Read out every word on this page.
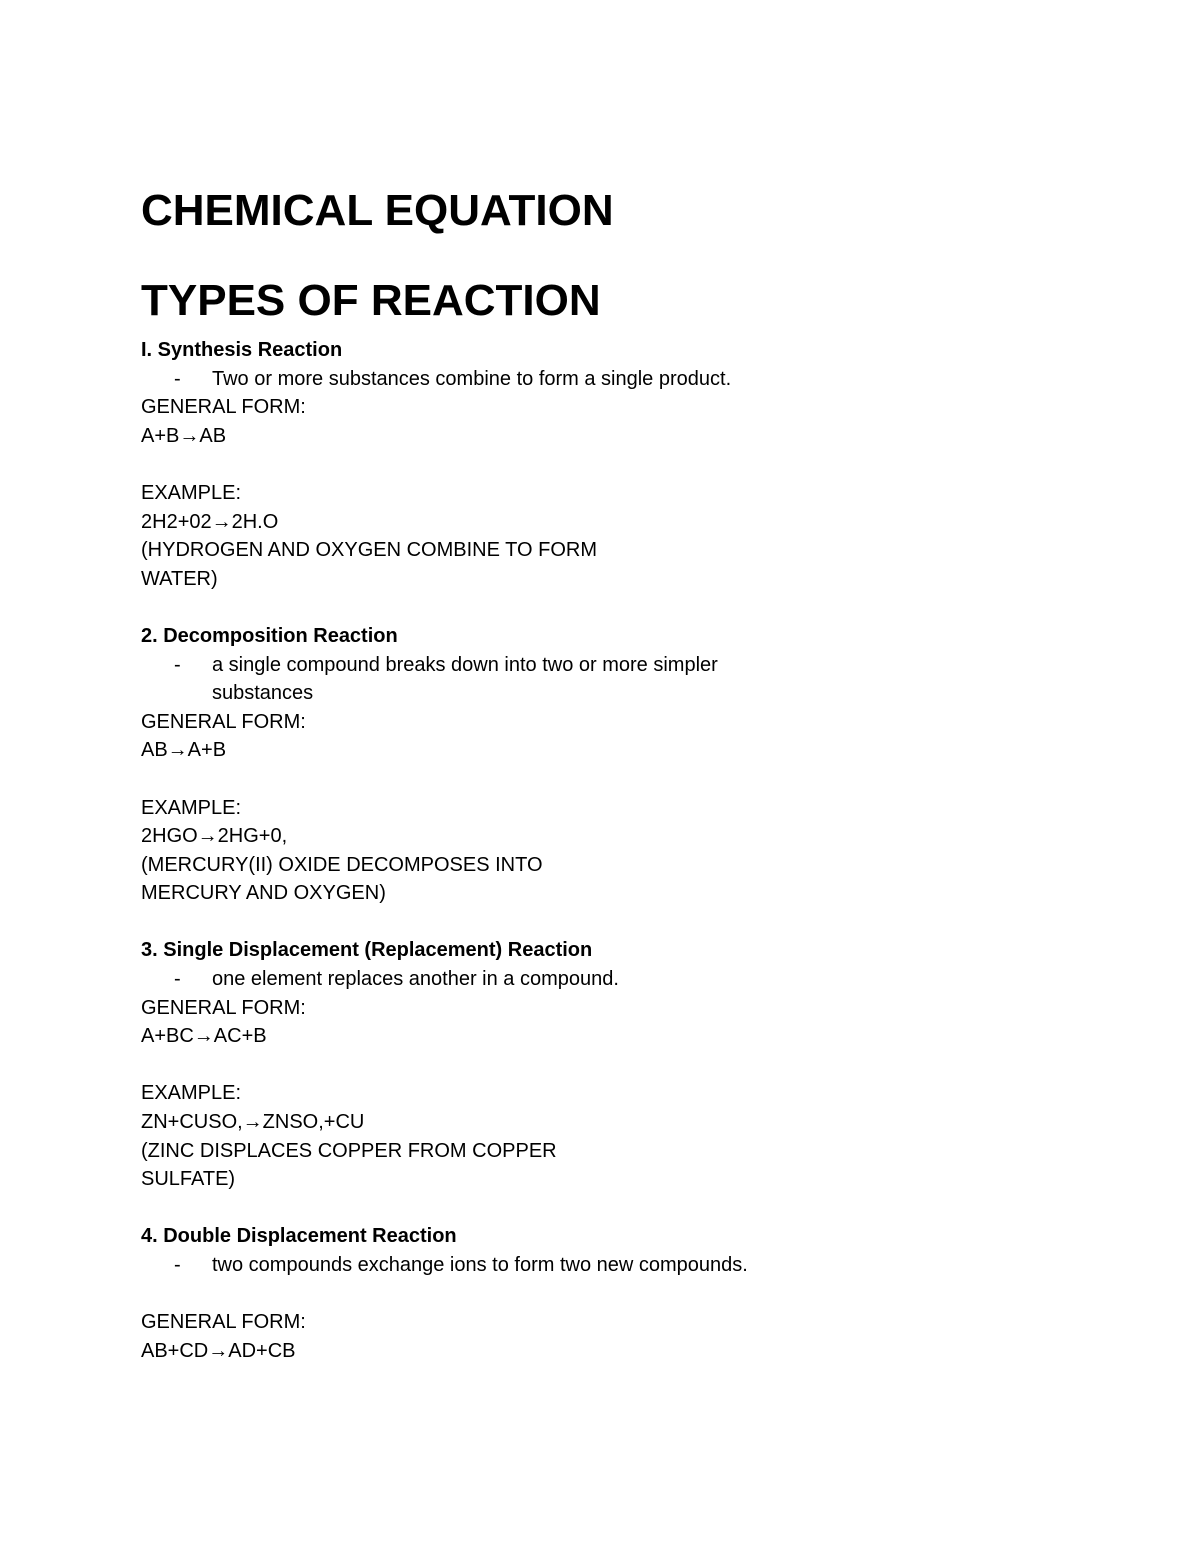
CHEMICAL EQUATION
TYPES OF REACTION
I. Synthesis Reaction
- Two or more substances combine to form a single product.
GENERAL FORM:
A+B→AB
EXAMPLE:
2H2+02→2H.O
(HYDROGEN AND OXYGEN COMBINE TO FORM
WATER)
2. Decomposition Reaction
- a single compound breaks down into two or more simpler substances
GENERAL FORM:
AB→A+B
EXAMPLE:
2HGO→2HG+0,
(MERCURY(II) OXIDE DECOMPOSES INTO
MERCURY AND OXYGEN)
3. Single Displacement (Replacement) Reaction
- one element replaces another in a compound.
GENERAL FORM:
A+BC→AC+B
EXAMPLE:
ZN+CUSO,→ZNSO,+CU
(ZINC DISPLACES COPPER FROM COPPER
SULFATE)
4. Double Displacement Reaction
- two compounds exchange ions to form two new compounds.
GENERAL FORM:
AB+CD→AD+CB
